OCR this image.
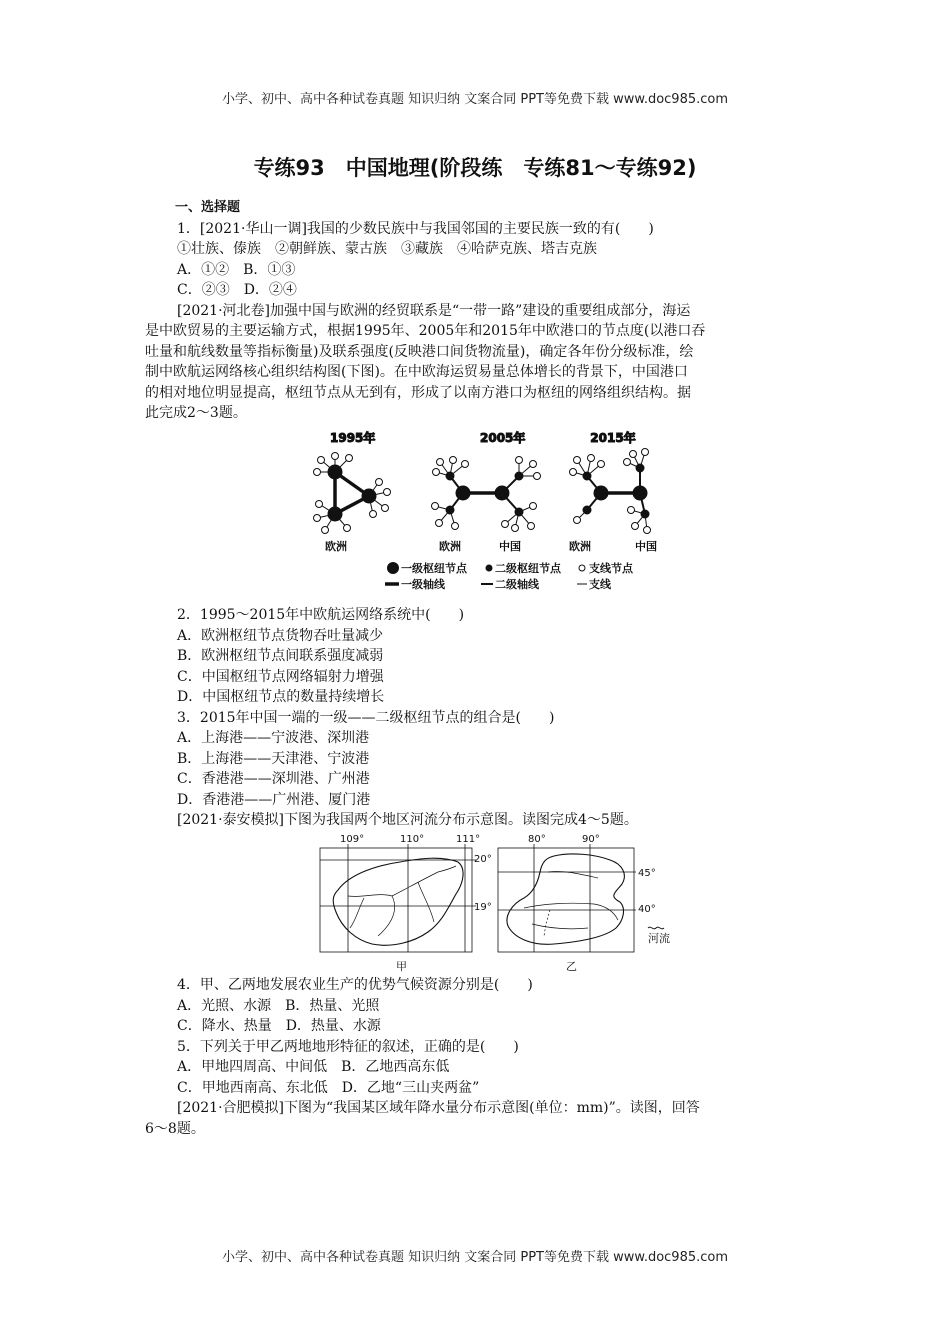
小学、初中、高中各种试卷真题 知识归纳 文案合同 PPT等免费下载 www.doc985.com
专练93　中国地理(阶段练　专练81～专练92)
一、选择题
1．[2021·华山一调]我国的少数民族中与我国邻国的主要民族一致的有(　　)
①壮族、傣族　②朝鲜族、蒙古族　③藏族　④哈萨克族、塔吉克族
A．①②　B．①③
C．②③　D．②④
[2021·河北卷]加强中国与欧洲的经贸联系是“一带一路”建设的重要组成部分，海运
是中欧贸易的主要运输方式，根据1995年、2005年和2015年中欧港口的节点度(以港口吞
吐量和航线数量等指标衡量)及联系强度(反映港口间货物流量)，确定各年份分级标准，绘
制中欧航运网络核心组织结构图(下图)。在中欧海运贸易量总体增长的背景下，中国港口
的相对地位明显提高，枢纽节点从无到有，形成了以南方港口为枢纽的网络组织结构。据
此完成2～3题。
1995年	2005年	2015年
欧洲	欧洲	中国	欧洲	中国
一级枢纽节点	二级枢纽节点	支线节点
一级轴线	二级轴线	支线
2．1995～2015年中欧航运网络系统中(　　)
A．欧洲枢纽节点货物吞吐量减少
B．欧洲枢纽节点间联系强度减弱
C．中国枢纽节点网络辐射力增强
D．中国枢纽节点的数量持续增长
3．2015年中国一端的一级——二级枢纽节点的组合是(　　)
A．上海港——宁波港、深圳港
B．上海港——天津港、宁波港
C．香港港——深圳港、广州港
D．香港港——广州港、厦门港
[2021·泰安模拟]下图为我国两个地区河流分布示意图。读图完成4～5题。
109°	110°	111°
20°
19°
甲
80°	90°
45°
40°
乙
河流
4．甲、乙两地发展农业生产的优势气候资源分别是(　　)
A．光照、水源　B．热量、光照
C．降水、热量　D．热量、水源
5．下列关于甲乙两地地形特征的叙述，正确的是(　　)
A．甲地四周高、中间低　B．乙地西高东低
C．甲地西南高、东北低　D．乙地“三山夹两盆”
[2021·合肥模拟]下图为“我国某区域年降水量分布示意图(单位：mm)”。读图，回答
6～8题。
小学、初中、高中各种试卷真题 知识归纳 文案合同 PPT等免费下载 www.doc985.com
